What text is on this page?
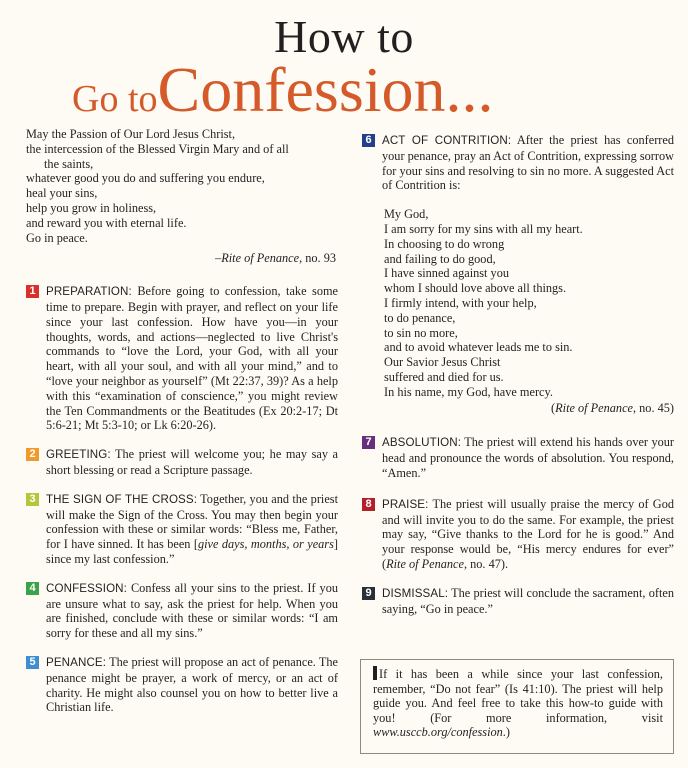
How to
Go toConfession...
May the Passion of Our Lord Jesus Christ,
the intercession of the Blessed Virgin Mary and of all
the saints,
whatever good you do and suffering you endure,
heal your sins,
help you grow in holiness,
and reward you with eternal life.
Go in peace.
–Rite of Penance, no. 93
1 PREPARATION: Before going to confession, take some time to prepare. Begin with prayer, and reflect on your life since your last confession. How have you—in your thoughts, words, and actions—neglected to live Christ's commands to “love the Lord, your God, with all your heart, with all your soul, and with all your mind,” and to “love your neighbor as yourself” (Mt 22:37, 39)? As a help with this “examination of conscience,” you might review the Ten Commandments or the Beatitudes (Ex 20:2-17; Dt 5:6-21; Mt 5:3-10; or Lk 6:20-26).
2 GREETING: The priest will welcome you; he may say a short blessing or read a Scripture passage.
3 THE SIGN OF THE CROSS: Together, you and the priest will make the Sign of the Cross. You may then begin your confession with these or similar words: “Bless me, Father, for I have sinned. It has been [give days, months, or years] since my last confession.”
4 CONFESSION: Confess all your sins to the priest. If you are unsure what to say, ask the priest for help. When you are finished, conclude with these or similar words: “I am sorry for these and all my sins.”
5 PENANCE: The priest will propose an act of penance. The penance might be prayer, a work of mercy, or an act of charity. He might also counsel you on how to better live a Christian life.
6 ACT OF CONTRITION: After the priest has conferred your penance, pray an Act of Contrition, expressing sorrow for your sins and resolving to sin no more. A suggested Act of Contrition is:
My God,
I am sorry for my sins with all my heart.
In choosing to do wrong
and failing to do good,
I have sinned against you
whom I should love above all things.
I firmly intend, with your help,
to do penance,
to sin no more,
and to avoid whatever leads me to sin.
Our Savior Jesus Christ
suffered and died for us.
In his name, my God, have mercy.
(Rite of Penance, no. 45)
7 ABSOLUTION: The priest will extend his hands over your head and pronounce the words of absolution. You respond, “Amen.”
8 PRAISE: The priest will usually praise the mercy of God and will invite you to do the same. For example, the priest may say, “Give thanks to the Lord for he is good.” And your response would be, “His mercy endures for ever” (Rite of Penance, no. 47).
9 DISMISSAL: The priest will conclude the sacrament, often saying, “Go in peace.”
If it has been a while since your last confession, remember, “Do not fear” (Is 41:10). The priest will help guide you. And feel free to take this how-to guide with you! (For more information, visit www.usccb.org/confession.)
